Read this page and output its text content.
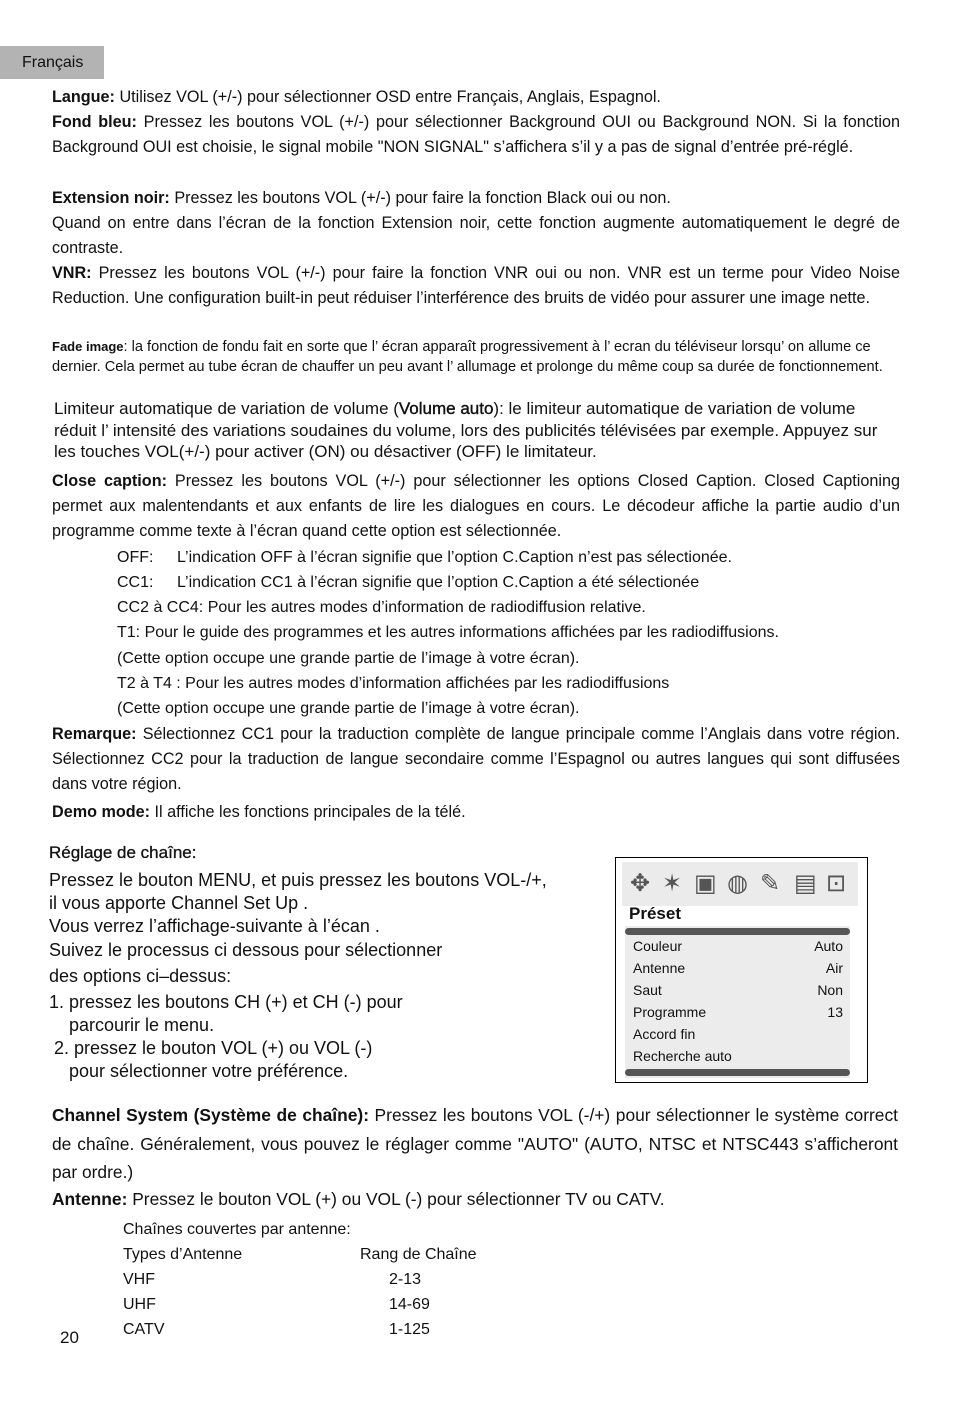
Français
Langue: Utilisez VOL (+/-) pour sélectionner OSD entre Français, Anglais, Espagnol.
Fond bleu: Pressez les boutons VOL (+/-) pour sélectionner Background OUI ou Background NON. Si la fonction Background OUI est choisie, le signal mobile "NON SIGNAL" s’affichera s’il y a pas de signal d’entrée pré-réglé.
Extension noir: Pressez les boutons VOL (+/-) pour faire la fonction Black oui ou non.
Quand on entre dans l’écran de la fonction Extension noir, cette fonction augmente automatiquement le degré de contraste.
VNR: Pressez les boutons VOL (+/-) pour faire la fonction VNR oui ou non. VNR est un terme pour Video Noise Reduction. Une configuration built-in peut réduiser l’interférence des bruits de vidéo pour assurer une image nette.
Fade image: la fonction de fondu fait en sorte que l’ écran apparaît progressivement à l’ ecran du téléviseur lorsqu’ on allume ce dernier. Cela permet au tube écran de chauffer un peu avant l’ allumage et prolonge du même coup sa durée de fonctionnement.
Limiteur automatique de variation de volume (Volume auto): le limiteur automatique de variation de volume réduit l’ intensité des variations soudaines du volume, lors des publicités télévisées par exemple. Appuyez sur les touches VOL(+/-) pour activer (ON) ou désactiver (OFF) le limitateur.
Close caption: Pressez les boutons VOL (+/-) pour sélectionner les options Closed Caption. Closed Captioning permet aux malentendants et aux enfants de lire les dialogues en cours. Le décodeur affiche la partie audio d’un programme comme texte à l’écran quand cette option est sélectionnée.
OFF: L’indication OFF à l’écran signifie que l’option C.Caption n’est pas sélectionée.
CC1: L’indication CC1 à l’écran signifie que l’option C.Caption a été sélectionée
CC2 à CC4: Pour les autres modes d’information de radiodiffusion relative.
T1: Pour le guide des programmes et les autres informations affichées par les radiodiffusions.
(Cette option occupe une grande partie de l’image à votre écran).
T2 à T4 : Pour les autres modes d’information affichées par les radiodiffusions
(Cette option occupe une grande partie de l’image à votre écran).
Remarque: Sélectionnez CC1 pour la traduction complète de langue principale comme l’Anglais dans votre région. Sélectionnez CC2 pour la traduction de langue secondaire comme l’Espagnol ou autres langues qui sont diffusées dans votre région.
Demo mode: Il affiche les fonctions principales de la télé.
Réglage de chaîne:
Pressez le bouton MENU, et puis pressez les boutons VOL-/+,
il vous apporte Channel Set Up .
Vous verrez l’affichage-suivante à l’écan .
Suivez le processus ci dessous pour sélectionner
des options ci–dessus:
1. pressez les boutons CH (+) et CH (-) pour
parcourir le menu.
2. pressez le bouton VOL (+) ou VOL (-)
pour sélectionner votre préférence.
✥ ✶ ▣ ◍ ✎ ▤ ⊡
Préset
Couleur	Auto
Antenne	Air
Saut	Non
Programme	13
Accord fin
Recherche auto
Channel System (Système de chaîne): Pressez les boutons VOL (-/+) pour sélectionner le système correct de chaîne. Généralement, vous pouvez le réglager comme "AUTO" (AUTO, NTSC et NTSC443 s’afficheront par ordre.)
Antenne: Pressez le bouton VOL (+) ou VOL (-) pour sélectionner TV ou CATV.
Chaînes couvertes par antenne:
Types d’Antenne	Rang de Chaîne
VHF	2-13
UHF	14-69
CATV	1-125
20
